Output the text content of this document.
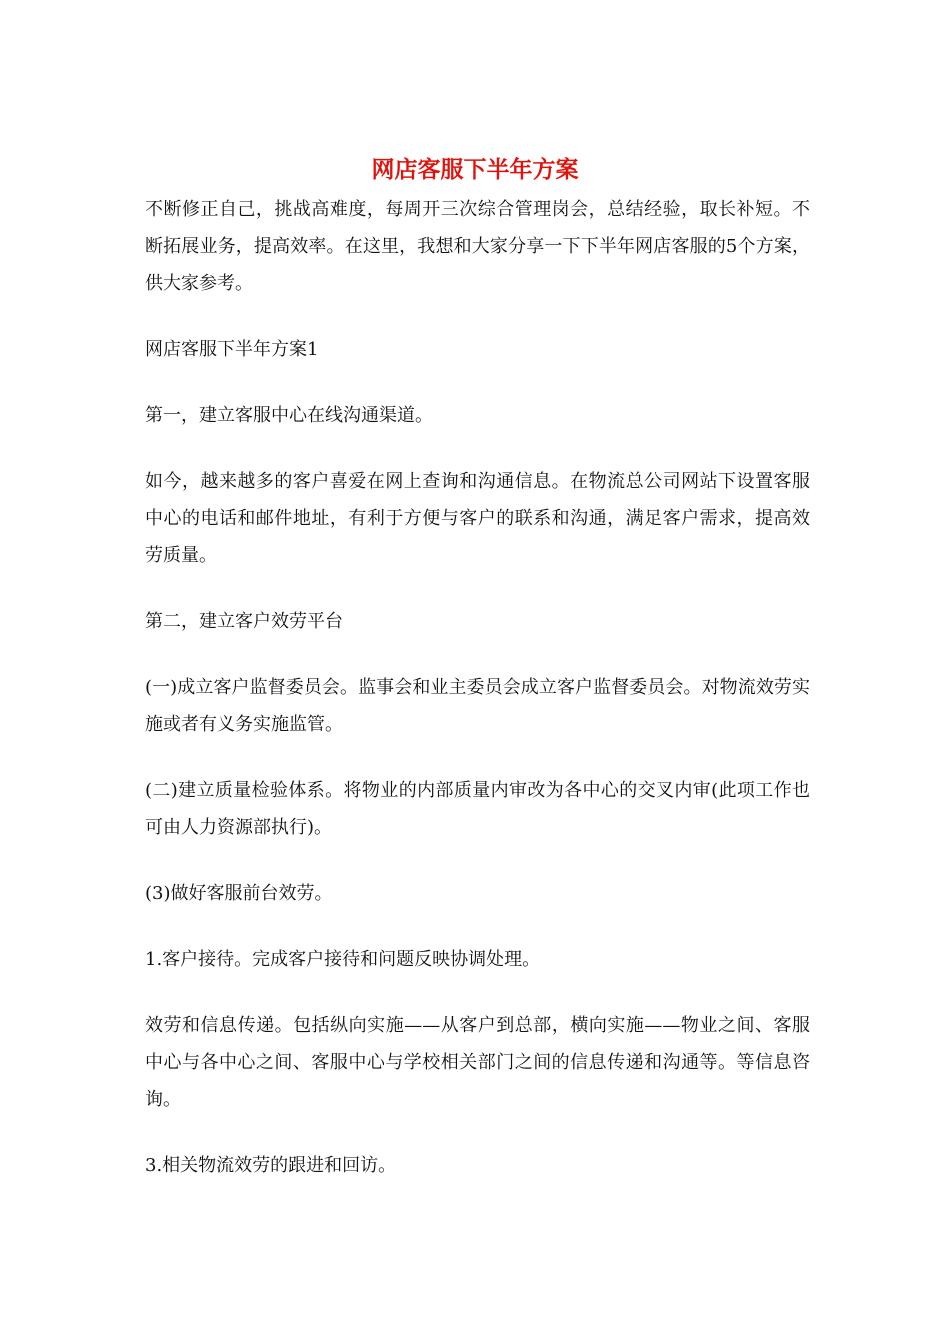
网店客服下半年方案

不断修正自己，挑战高难度，每周开三次综合管理岗会，总结经验，取长补短。不断拓展业务，提高效率。在这里，我想和大家分享一下下半年网店客服的5个方案，供大家参考。

网店客服下半年方案1

第一，建立客服中心在线沟通渠道。

如今，越来越多的客户喜爱在网上查询和沟通信息。在物流总公司网站下设置客服中心的电话和邮件地址，有利于方便与客户的联系和沟通，满足客户需求，提高效劳质量。

第二，建立客户效劳平台

(一)成立客户监督委员会。监事会和业主委员会成立客户监督委员会。对物流效劳实施或者有义务实施监管。

(二)建立质量检验体系。将物业的内部质量内审改为各中心的交叉内审(此项工作也可由人力资源部执行)。

(3)做好客服前台效劳。

1.客户接待。完成客户接待和问题反映协调处理。

效劳和信息传递。包括纵向实施——从客户到总部，横向实施——物业之间、客服中心与各中心之间、客服中心与学校相关部门之间的信息传递和沟通等。等信息咨询。

3.相关物流效劳的跟进和回访。
